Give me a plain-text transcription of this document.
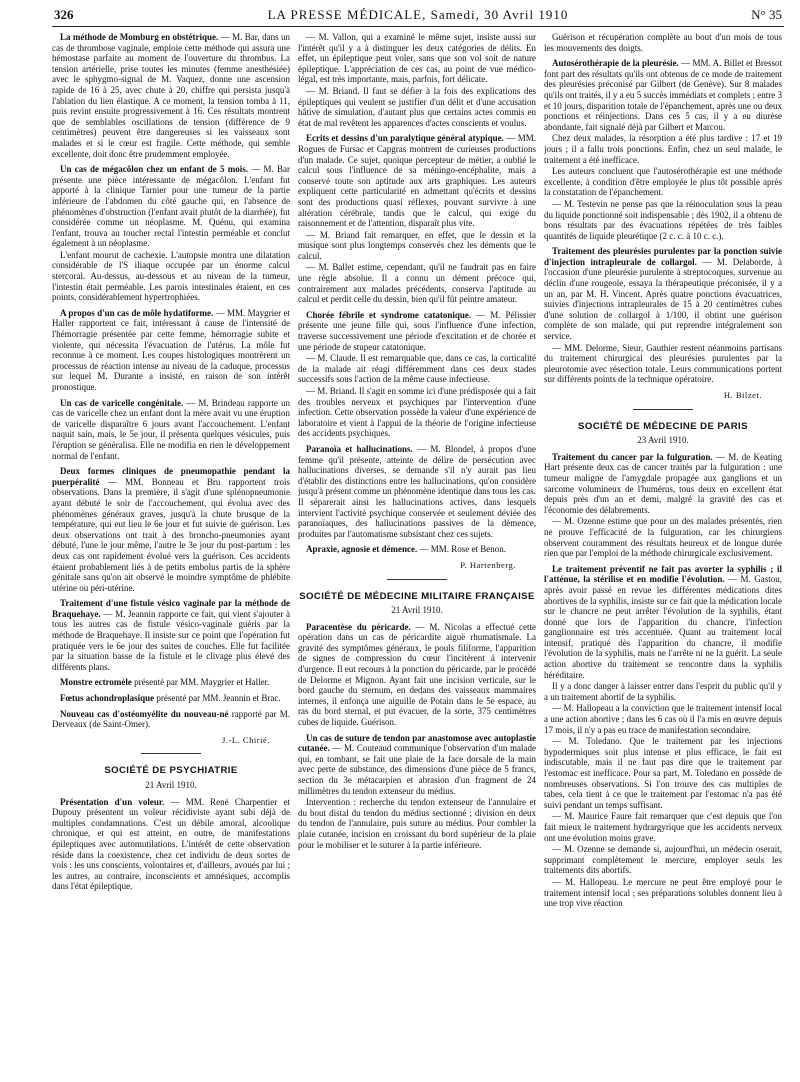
326	LA PRESSE MÉDICALE, Samedi, 30 Avril 1910	N° 35

La méthode de Momburg en obstétrique. — M. Bar, dans un cas de thrombose vaginale, emploie cette méthode qui assura une hémostase parfaite au moment de l'ouverture du thrombus. La tension artérielle, prise toutes les minutes (femme anesthésiée) avec le sphygmo-signal de M. Vaquez, donne une ascension rapide de 16 à 25, avec chute à 20, chiffre qui persista jusqu'à l'ablation du lien élastique. A ce moment, la tension tomba à 11, puis revint ensuite progressivement à 16. Ces résultats montrent que de semblables oscillations de tension (différence de 9 centimètres) peuvent être dangereuses si les vaisseaux sont malades et si le cœur est fragile. Cette méthode, qui semble excellente, doit donc être prudemment employée.

Un cas de mégacôlon chez un enfant de 5 mois. — M. Bar présente une pièce intéressante de mégacôlon. L'enfant fut apporté à la clinique Tarnier pour une tumeur de la partie inférieure de l'abdomen du côté gauche qui, en l'absence de phénomènes d'obstruction (l'enfant avait plutôt de la diarrhée), fut considérée comme un néoplasme. M. Quénu, qui examina l'enfant, trouva au toucher rectal l'intestin perméable et conclut également à un néoplasme.

L'enfant mourut de cachexie. L'autopsie montra une dilatation considérable de l'S iliaque occupée par un énorme calcul stercoral. Au-dessus, au-dessous et au niveau de la tumeur, l'intestin était perméable. Les parois intestinales étaient, en ces points, considérablement hypertrophiées.

A propos d'un cas de môle hydatiforme. — MM. Maygrier et Haller rapportent ce fait, intéressant à cause de l'intensité de l'hémorragie présentée par cette femme, hémorragie subite et violente, qui nécessita l'évacuation de l'utérus. La môle fut reconnue à ce moment. Les coupes histologiques montrèrent un processus de réaction intense au niveau de la caduque, processus sur lequel M. Durante a insisté, en raison de son intérêt pronostique.

Un cas de varicelle congénitale. — M. Brindeau rapporte un cas de varicelle chez un enfant dont la mère avait vu une éruption de varicelle disparaître 6 jours avant l'accouchement. L'enfant naquit sain, mais, le 5e jour, il présenta quelques vésicules, puis l'éruption se généralisa. Elle ne modifia en rien le développement normal de l'enfant.

Deux formes cliniques de pneumopathie pendant la puerpéralité — MM. Bonneau et Bru rapportent trois observations. Dans la première, il s'agit d'une splénopneumonie ayant débuté le soir de l'accouchement, qui évolua avec des phénomènes généraux graves, jusqu'à la chute brusque de la température, qui eut lieu le 6e jour et fut suivie de guérison. Les deux observations ont trait à des broncho-pneumonies ayant débuté, l'une le jour même, l'autre le 3e jour du post-partum : les deux cas ont rapidement évolué vers la guérison. Ces accidents étaient probablement liés à de petits embolus partis de la sphère génitale sans qu'on ait observé le moindre symptôme de phlébite utérine ou péri-utérine.

Traitement d'une fistule vésico vaginale par la méthode de Braquehaye. — M. Jeannin rapporte ce fait, qui vient s'ajouter à tous les autres cas de fistule vésico-vaginale guéris par la méthode de Braquehaye. Il insiste sur ce point que l'opération fut pratiquée vers le 6e jour des suites de couches. Elle fut facilitée par la situation basse de la fistule et le clivage plus élevé des différents plans.

Monstre ectromèle présenté par MM. Maygrier et Haller.

Fœtus achondroplasique présenté par MM. Jeannin et Brac.

Nouveau cas d'ostéomyélite du nouveau-né rapporté par M. Derveaux (de Saint-Omer).

J.-L. Chirié.
SOCIÉTÉ DE PSYCHIATRIE
21 Avril 1910.

Présentation d'un voleur. — MM. René Charpentier et Dupouy présentent un voleur récidiviste ayant subi déjà de multiples condamnations. C'est un débile amoral, alcoolique chronique, et qui est atteint, en outre, de manifestations épileptiques avec automutilations. L'intérêt de cette observation réside dans la coexistence, chez cet individu de deux sortes de vols : les uns conscients, volontaires et, d'ailleurs, avoués par lui ; les autres, au contraire, inconscients et amnésiques, accomplis dans l'état épileptique.

— M. Vallon, qui a examiné le même sujet, insiste aussi sur l'intérêt qu'il y a à distinguer les deux catégories de délits. En effet, un épileptique peut voler, sans que son vol soit de nature épileptique. L'appréciation de ces cas, au point de vue médico-légal, est très importante, mais, parfois, fort délicate.

— M. Briand. Il faut se défier à la fois des explications des épileptiques qui veulent se justifier d'un délit et d'une accusation hâtive de simulation, d'autant plus que certains actes commis en état de mal revêtent les apparences d'actes conscients et voulus.

Ecrits et dessins d'un paralytique général atypique. — MM. Rogues de Fursac et Capgras montrent de curieuses productions d'un malade. Ce sujet, quoique percepteur de métier, a oublié le calcul sous l'influence de sa méningo-encéphalite, mais a conservé toute son aptitude aux arts graphiques. Les auteurs expliquent cette particularité en admettant qu'écrits et dessins sont des productions quasi réflexes, pouvant survivre à une altération cérébrale, tandis que le calcul, qui exige du raisonnement et de l'attention, disparaît plus vite.

— M. Briand fait remarquer, en effet, que le dessin et la musique sont plus longtemps conservés chez les déments que le calcul.

— M. Ballet estime, cependant, qu'il ne faudrait pas en faire une règle absolue. Il a connu un dément précoce qui, contrairement aux malades précédents, conserva l'aptitude au calcul et perdit celle du dessin, bien qu'il fût peintre amateur.

Chorée fébrile et syndrome catatonique. — M. Pélissier présente une jeune fille qui, sous l'influence d'une infection, traverse successivement une période d'excitation et de chorée et une période de stupeur catatonique.

— M. Claude. Il est remarquable que, dans ce cas, la corticalité de la malade ait réagi différemment dans ces deux stades successifs sous l'action de la même cause infectieuse.

— M. Briand. Il s'agit en somme ici d'une prédisposée qui a fait des troubles nerveux et psychiques par l'intervention d'une infection. Cette observation possède la valeur d'une expérience de laboratoire et vient à l'appui de la théorie de l'origine infectieuse des accidents psychiques.

Paranoïa et hallucinations. — M. Blondel, à propos d'une femme qu'il présente, atteinte de délire de persécution avec hallucinations diverses, se demande s'il n'y aurait pas lieu d'établir des distinctions entre les hallucinations, qu'on considère jusqu'à présent comme un phénomène identique dans tous les cas. Il séparerait ainsi les hallucinations actives, dans lesquels intervient l'activité psychique conservée et seulement déviée des paranoïaques, des hallucinations passives de la démence, produites par l'automatisme subsistant chez ces sujets.

Apraxie, agnosie et démence. — MM. Rose et Benon.

P. Hartenberg.
SOCIÉTÉ DE MÉDECINE MILITAIRE FRANÇAISE
21 Avril 1910.

Paracentèse du péricarde. — M. Nicolas a effectué cette opération dans un cas de péricardite aiguë rhumatismale. La gravité des symptômes généraux, le pouls filiforme, l'apparition de signes de compression du cœur l'incitèrent à intervenir d'urgence. Il eut recours à la ponction du péricarde, par le procédé de Delorme et Mignon. Ayant fait une incision verticale, sur le bord gauche du sternum, en dedans des vaisseaux mammaires internes, il enfonça une aiguille de Potain dans le 5e espace, au ras du bord sternal, et put évacuer, de la sorte, 375 centimètres cubes de liquide. Guérison.

Un cas de suture de tendon par anastomose avec autoplastie cutanée. — M. Couteaud communique l'observation d'un malade qui, en tombant, se fait une plaie de la face dorsale de la main avec perte de substance, des dimensions d'une pièce de 5 francs, section du 3e métacarpien et abrasion d'un fragment de 24 millimètres du tendon extenseur du médius.

Intervention : recherche du tendon extenseur de l'annulaire et du bout distal du tendon du médius sectionné ; division en deux du tendon de l'annulaire, puis suture au médius. Pour combler la plaie cutanée, incision en croissant du bord supérieur de la plaie pour le mobiliser et le suturer à la partie inférieure.

Guérison et récupération complète au bout d'un mois de tous les mouvements des doigts.

Autosérothérapie de la pleurésie. — MM. A. Billet et Bressot font part des résultats qu'ils ont obtenus de ce mode de traitement des pleurésies préconisé par Gilbert (de Genève). Sur 8 malades qu'ils ont traités, il y a eu 5 succès immédiats et complets ; entre 3 et 10 jours, disparition totale de l'épanchement, après une ou deux ponctions et réinjections. Dans ces 5 cas, il y a eu diurèse abondante, fait signalé déjà par Gilbert et Marcou.

Chez deux malades, la résorption a été plus tardive : 17 et 19 jours ; il a fallu trois ponctions. Enfin, chez un seul malade, le traitement a été inefficace.

Les auteurs concluent que l'autosérothérapie est une méthode excellente, à condition d'être employée le plus tôt possible après la constatation de l'épanchement.

— M. Testevin ne pense pas que la réinoculation sous la peau du liquide ponctionné soit indispensable ; dès 1902, il a obtenu de bons résultats par des évacuations répétées de très faibles quantités de liquide pleurétique (2 c. c. à 10 c. c.).

Traitement des pleurésies purulentes par la ponction suivie d'injection intrapleurale de collargol. — M. Delaborde, à l'occasion d'une pleurésie purulente à streptocoques, survenue au déclin d'une rougeole, essaya la thérapeutique préconisée, il y a un an, par M. H. Vincent. Après quatre ponctions évacuatrices, suivies d'injections intrapleurales de 15 à 20 centimètres cubes d'une solution de collargol à 1/100, il obtint une guérison complète de son malade, qui put reprendre intégralement son service.

— MM. Delorme, Sieur, Gauthier restent néanmoins partisans du traitement chirurgical des pleurésies purulentes par la pleurotomie avec résection totale. Leurs communications portent sur différents points de la technique opératoire.

H. Bilzet.
SOCIÉTÉ DE MÉDECINE DE PARIS
23 Avril 1910.

Traitement du cancer par la fulguration. — M. de Keating Hart présente deux cas de cancer traités par la fulguration : une tumeur maligne de l'amygdale propagée aux ganglions et un sarcome volumineux de l'humérus, tous deux en excellent état depuis près d'un an et demi, malgré la gravité des cas et l'économie des délabrements.

— M. Ozenne estime que pour un des malades présentés, rien ne prouve l'efficacité de la fulguration, car les chirurgiens observent couramment des résultats heureux et de longue durée rien que par l'emploi de la méthode chirurgicale exclusivement.

Le traitement préventif ne fait pas avorter la syphilis ; il l'atténue, la stérilise et en modifie l'évolution. — M. Gastou, après avoir passé en revue les différentes médications dites abortives de la syphilis, insiste sur ce fait que la médication locale sur le chancre ne peut arrêter l'évolution de la syphilis, étant donné que lors de l'apparition du chancre, l'infection ganglionnaire est très accentuée. Quant au traitement local intensif, pratiqué dès l'apparition du chancre, il modifie l'évolution de la syphilis, mais ne l'arrête ni ne la guérit. La seule action abortive du traitement se rencontre dans la syphilis héréditaire.

Il y a donc danger à laisser entrer dans l'esprit du public qu'il y a un traitement abortif de la syphilis.

— M. Hallopeau a la conviction que le traitement intensif local a une action abortive ; dans les 6 cas où il l'a mis en œuvre depuis 17 mois, il n'y a pas eu trace de manifestation secondaire.

— M. Toledano. Que le traitement par les injections hypodermiques soit plus intense et plus efficace, le fait est indiscutable, mais il ne faut pas dire que le traitement par l'estomac est inefficace. Pour sa part, M. Toledano en possède de nombreuses observations. Si l'on trouve des cas multiples de tabes, cela tient à ce que le traitement par l'estomac n'a pas été suivi pendant un temps suffisant.

— M. Maurice Faure fait remarquer que c'est depuis que l'on fait mieux le traitement hydrargyrique que les accidents nerveux ont une évolution moins grave.

— M. Ozenne se demande si, aujourd'hui, un médecin oserait, supprimant complètement le mercure, employer seuls les traitements dits abortifs.

— M. Hallopeau. Le mercure ne peut être employé pour le traitement intensif local ; ses préparations solubles donnent lieu à une trop vive réaction
